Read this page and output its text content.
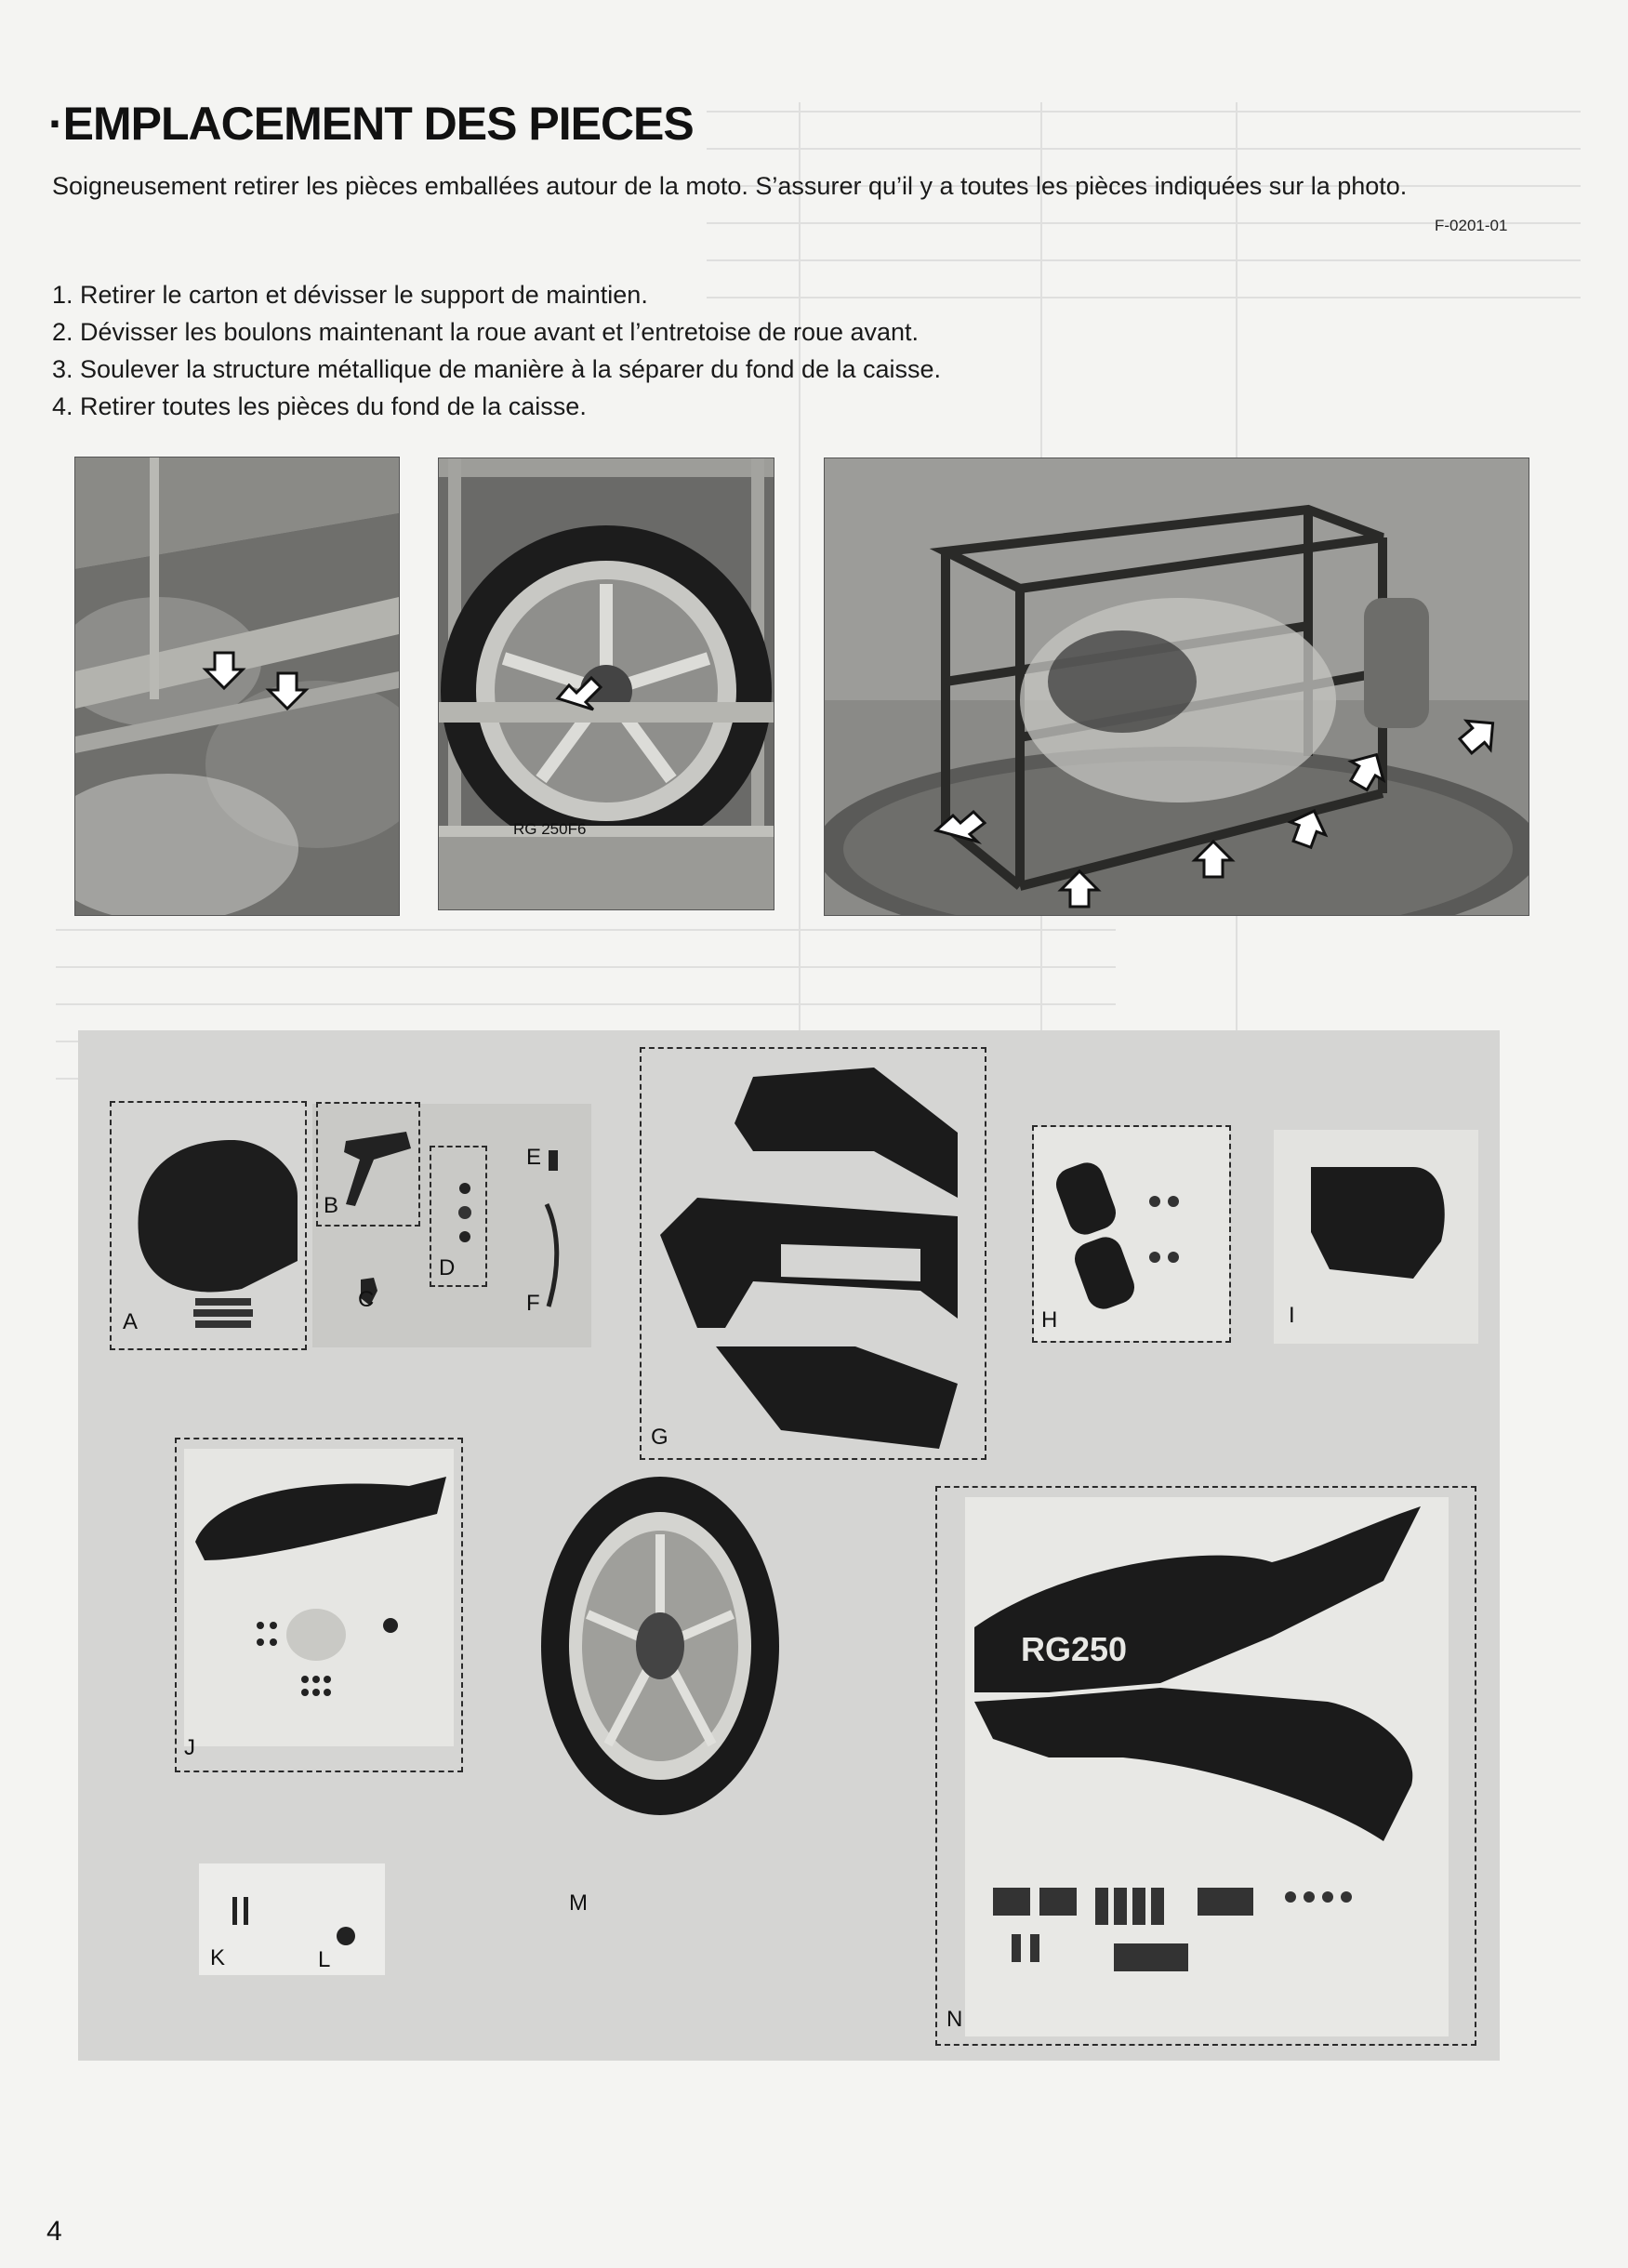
·EMPLACEMENT DES PIECES

Soigneusement retirer les pièces emballées autour de la moto. S’assurer qu’il y a toutes les pièces indiquées sur la photo.

F-0201-01
1. Retirer le carton et dévisser le support de maintien.
2. Dévisser les boulons maintenant la roue avant et l’entretoise de roue avant.
3. Soulever la structure métallique de manière à la séparer du fond de la caisse.
4. Retirer toutes les pièces du fond de la caisse.
RG 250F6
A
B
D
C
E
F
G
H	I
J
M
K	L
RG250
N
4
